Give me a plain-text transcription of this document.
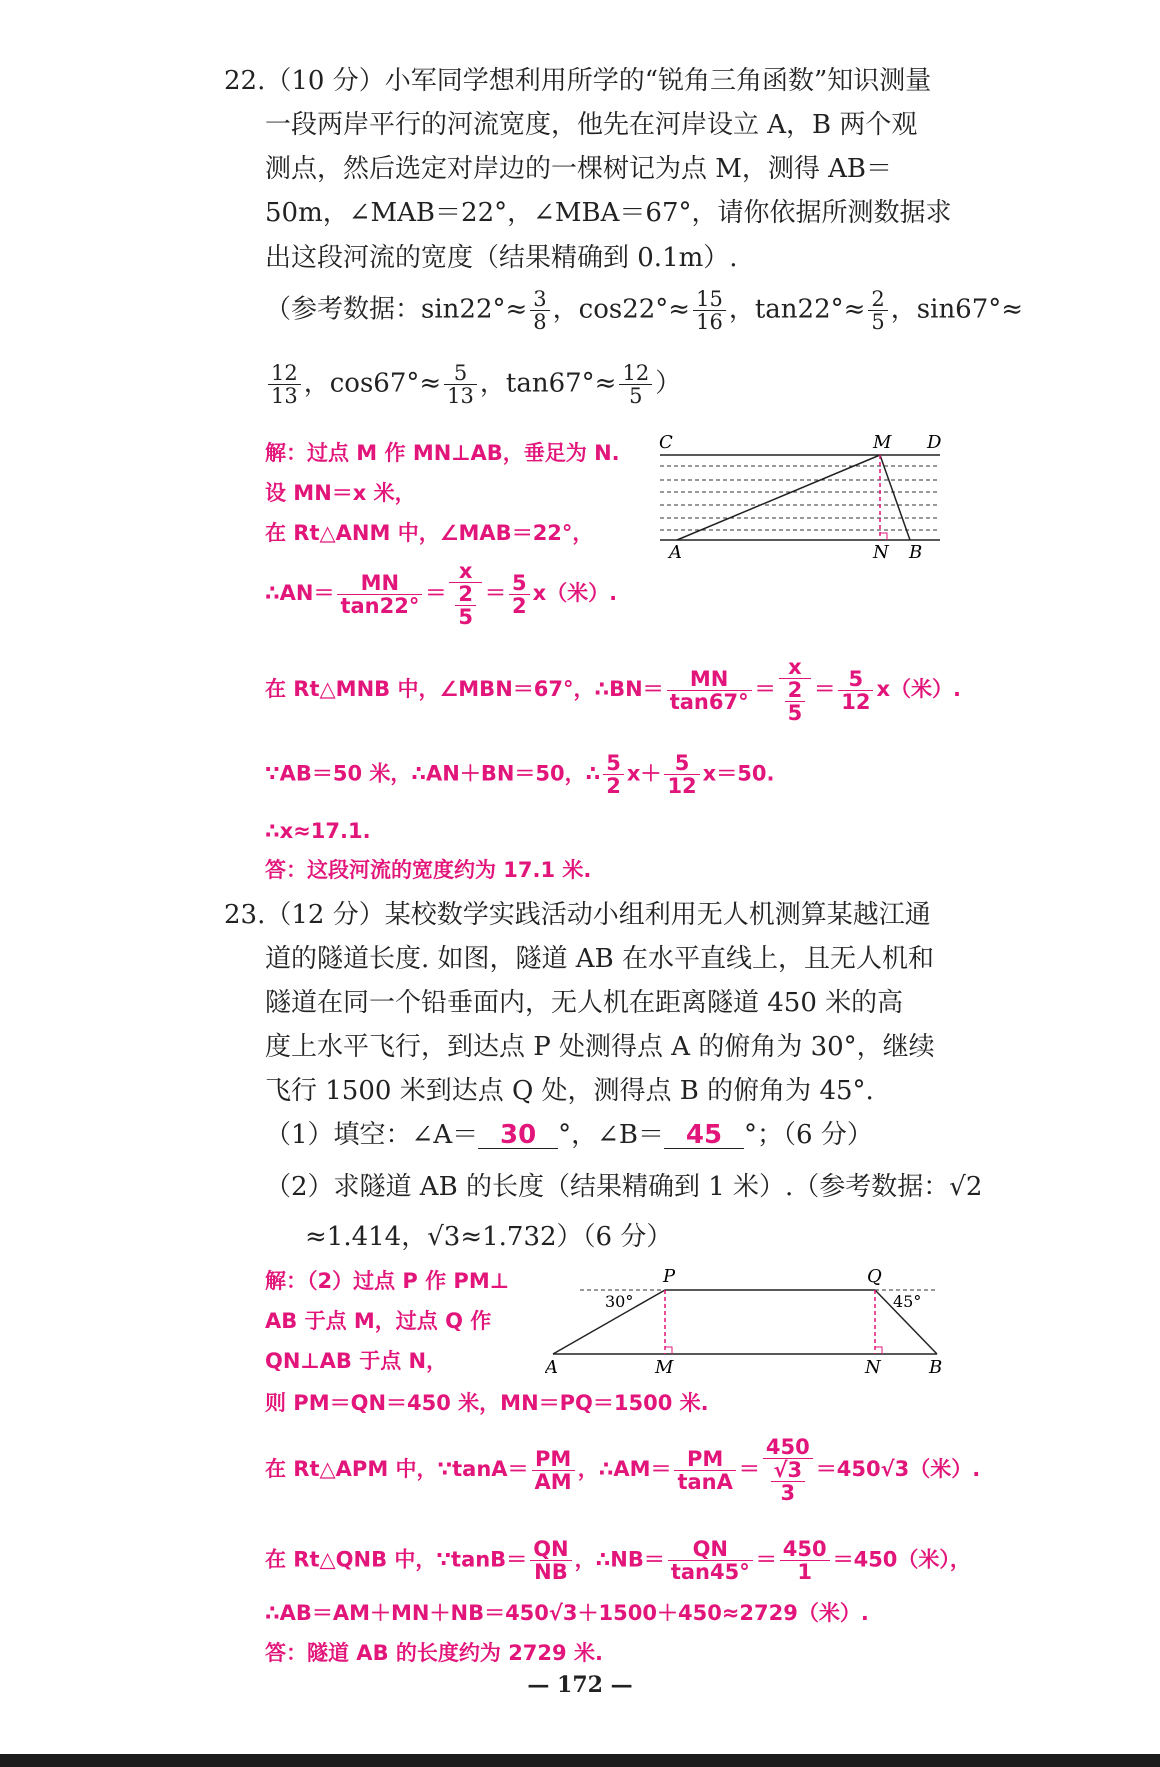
22.（10 分）小军同学想利用所学的“锐角三角函数”知识测量
一段两岸平行的河流宽度，他先在河岸设立 A，B 两个观
测点，然后选定对岸边的一棵树记为点 M，测得 AB＝
50m，∠MAB＝22°，∠MBA＝67°，请你依据所测数据求
出这段河流的宽度（结果精确到 0.1m）.
（参考数据：$\sin 22^\circ\approx \frac{3}{8}$ ，$\cos 22^\circ\approx \frac{15}{16}$ ，$\tan 22^\circ\approx \frac{2}{5}$ ，sin67°≈
$\frac{12}{13}$ ，$\cos 67^\circ\approx \frac{5}{13}$ ，$\tan 67^\circ\approx \frac{12}{5}$ ）
解：过点 M 作 MN⊥AB，垂足为 N.
设 MN＝x 米，
在 Rt△ANM 中，∠MAB＝22°，
∴AN＝ $\frac{MN}{\tan 22^\circ} = \frac{x}{\frac{2}{5}} = \frac{5}{2} x$（米）.
在 Rt△MNB 中，∠MBN＝67°，∴BN＝ $\frac{MN}{\tan 67^\circ} = \frac{x}{\frac{2}{5}} = \frac{5}{12} x$（米）.
∵AB＝50 米，∴AN＋BN＝50，∴ $\frac{5}{2} x+ \frac{5}{12} x=50$.
∴x≈17.1.
答：这段河流的宽度约为 17.1 米.
C	M D
A	N B
23.（12 分）某校数学实践活动小组利用无人机测算某越江通
道的隧道长度. 如图，隧道 AB 在水平直线上，且无人机和
隧道在同一个铅垂面内，无人机在距离隧道 450 米的高
度上水平飞行，到达点 P 处测得点 A 的俯角为 30°，继续
飞行 1500 米到达点 Q 处，测得点 B 的俯角为 45°.
（1）填空：∠A＝ 30 °，∠B＝ 45 °；（6 分）
（2）求隧道 AB 的长度（结果精确到 1 米）.（参考数据：√2
≈1.414，√3≈1.732）（6 分）
解：（2）过点 P 作 PM⊥
AB 于点 M，过点 Q 作
QN⊥AB 于点 N，
则 PM＝QN＝450 米，MN＝PQ＝1500 米.
在 Rt△APM 中，∵tanA＝ $\frac{PM}{AM}$ ，∴AM＝ $\frac{PM}{\tan A} = \frac{450}{\frac{√3}{3}} =450√3$（米）.
在 Rt△QNB 中，∵tanB＝ $\frac{QN}{NB}$ ，∴NB＝ $\frac{QN}{\tan 45^\circ} = \frac{450}{1} =450$（米），
∴AB＝AM＋MN＋NB＝450√3＋1500＋450≈2729（米）.
答：隧道 AB 的长度约为 2729 米.
30°	45°
P	Q
A	M	N	B
— 172 —
